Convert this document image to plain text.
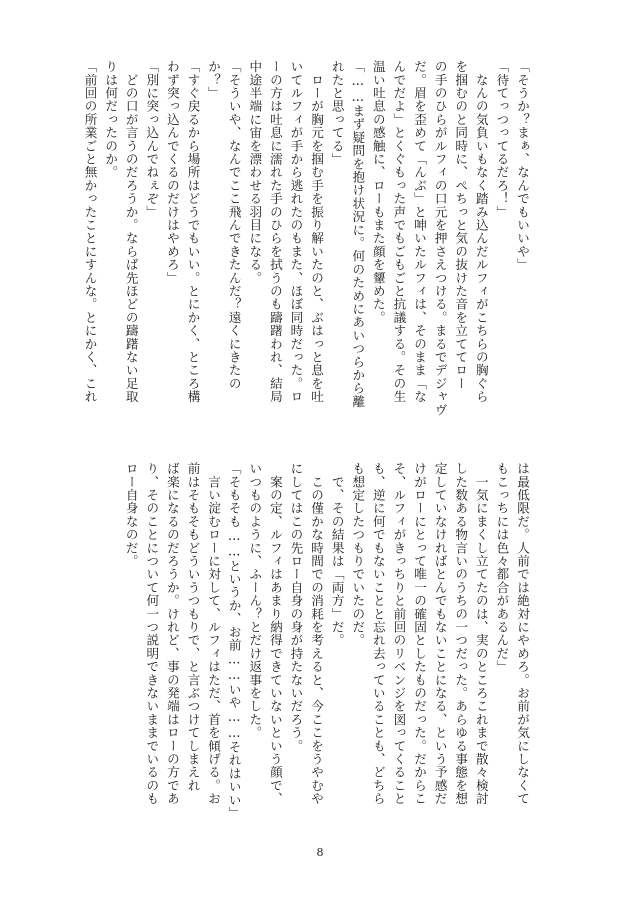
「そうか？まぁ、なんでもいいや」

「待てっつってるだろ！」

　なんの気負いもなく踏み込んだルフィがこちらの胸ぐら

を掴むのと同時に、ぺちっと気の抜けた音を立ててロー

の手のひらがルフィの口元を押さえつける。まるでデジャヴ

だ。眉を歪めて「んぶ」と呻いたルフィは、そのまま「な

んでだよ」とくぐもった声でもごもごと抗議する。その生

温い吐息の感触に、ローもまた顔を顰めた。

「……まず疑問を抱け状況に。何のためにあいつらから離

れたと思ってる」

　ローが胸元を掴む手を振り解いたのと、ぶはっと息を吐

いてルフィが手から逃れたのもまた、ほぼ同時だった。ロ

ーの方は吐息に濡れた手のひらを拭うのも躊躇われ、結局

中途半端に宙を漂わせる羽目になる。

「そういや、なんでここ飛んできたんだ？遠くにきたの

か？」

「すぐ戻るから場所はどうでもいい。とにかく、ところ構

わず突っ込んでくるのだけはやめろ」

「別に突っ込んでねぇぞ」

　どの口が言うのだろうか。ならば先ほどの躊躇ない足取

りは何だったのか。

「前回の所業ごと無かったことにすんな。とにかく、これ

は最低限だ。人前では絶対にやめろ。お前が気にしなくて

もこっちには色々都合があるんだ」

　一気にまくし立てたのは、実のところこれまで散々検討

した数ある物言いのうちの一つだった。あらゆる事態を想

定していなければとんでもないことになる、という予感だ

けがローにとって唯一の確固としたものだった。だからこ

そ、ルフィがきっちりと前回のリベンジを図ってくること

も、逆に何でもないことと忘れ去っていることも、どちら

も想定したつもりでいたのだ。

　で、その結果は「両方」だ。

　この僅かな時間での消耗を考えると、今ここをうやむや

にしてはこの先ロー自身の身が持たないだろう。

　案の定、ルフィはあまり納得できていないという顔で、

いつものように、ふーん？とだけ返事をした。

「そもそも……というか、お前……いや……それはいい」

　言い淀むローに対して、ルフィはただ、首を傾げる。お

前はそもそもどういうつもりで、と言ぶつけてしまえれ

ば楽になるのだろうか。けれど、事の発端はローの方であ

り、そのことについて何一つ説明できないままでいるのも

ロー自身なのだ。

8
